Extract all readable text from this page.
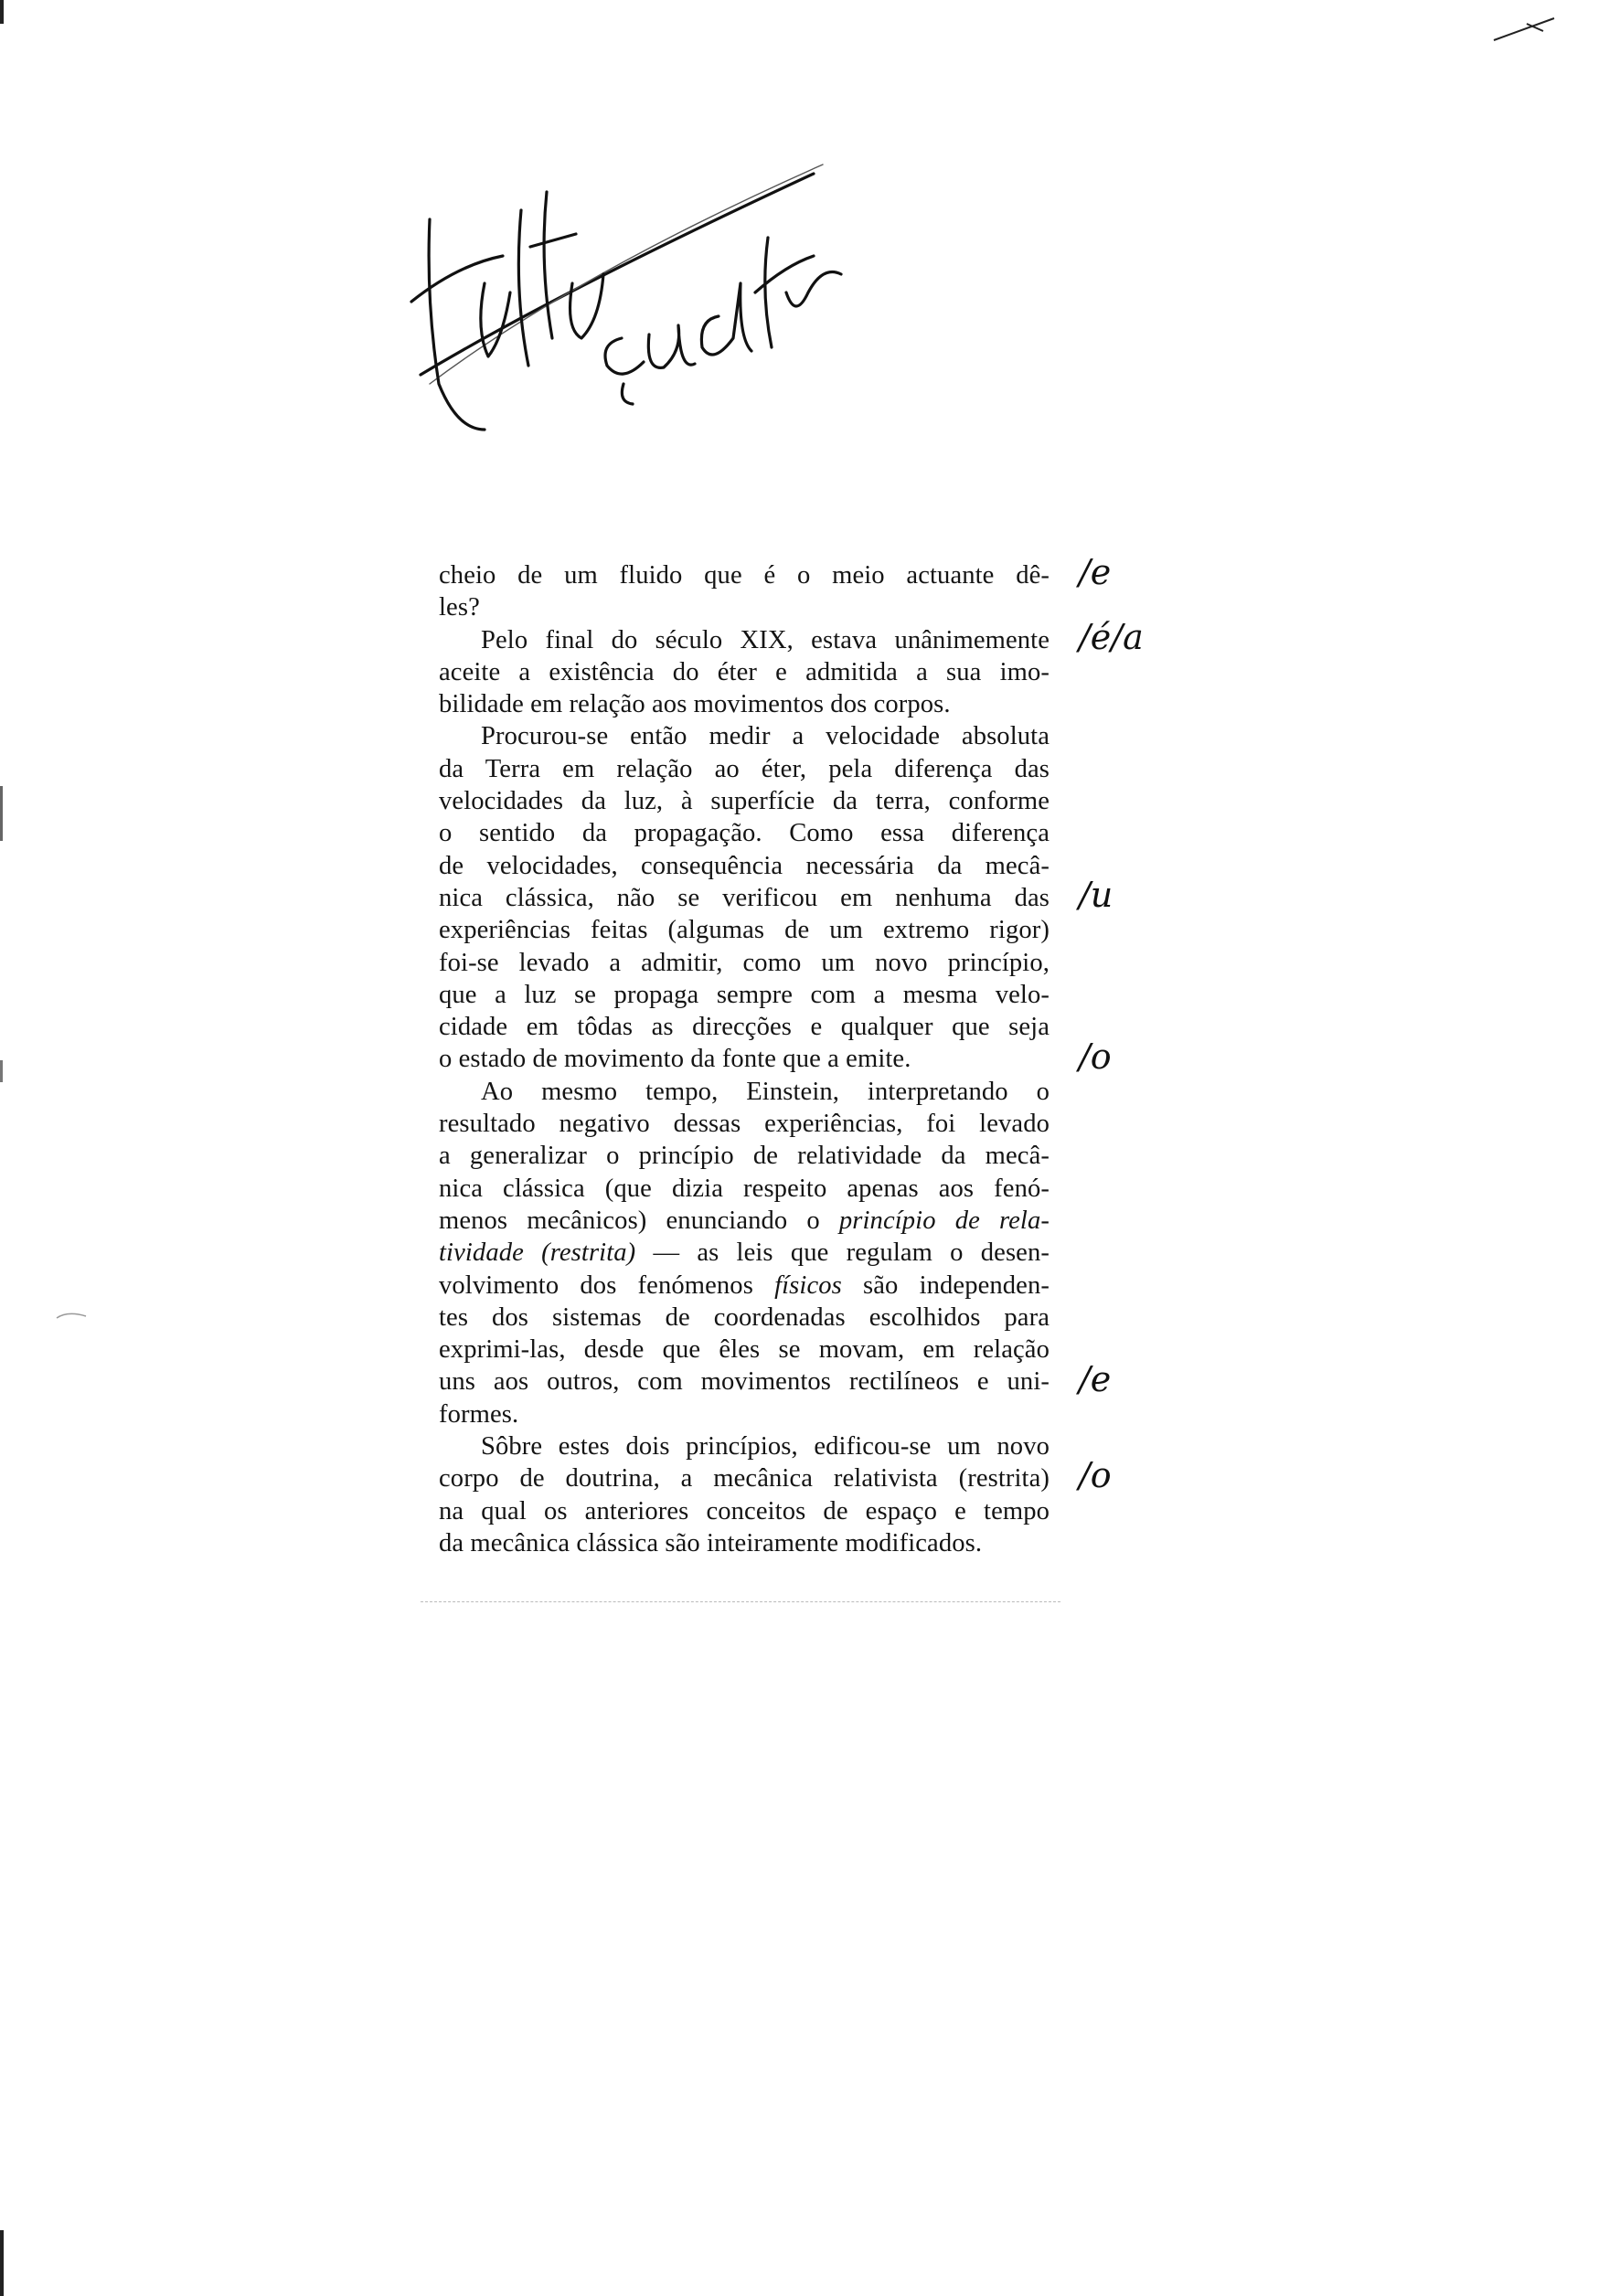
cheio de um fluido que é o meio actuante dê-
les?

Pelo final do século XIX, estava unânimemente
aceite a existência do éter e admitida a sua imo-
bilidade em relação aos movimentos dos corpos.

Procurou-se então medir a velocidade absoluta
da Terra em relação ao éter, pela diferença das
velocidades da luz, à superfície da terra, conforme
o sentido da propagação. Como essa diferença
de velocidades, consequência necessária da mecâ-
nica clássica, não se verificou em nenhuma das
experiências feitas (algumas de um extremo rigor)
foi-se levado a admitir, como um novo princípio,
que a luz se propaga sempre com a mesma velo-
cidade em tôdas as direcções e qualquer que seja
o estado de movimento da fonte que a emite.

Ao mesmo tempo, Einstein, interpretando o
resultado negativo dessas experiências, foi levado
a generalizar o princípio de relatividade da mecâ-
nica clássica (que dizia respeito apenas aos fenó-
menos mecânicos) enunciando o princípio de rela-
tividade (restrita) — as leis que regulam o desen-
volvimento dos fenómenos físicos são independen-
tes dos sistemas de coordenadas escolhidos para
exprimi-las, desde que êles se movam, em relação
uns aos outros, com movimentos rectilíneos e uni-
formes.

Sôbre estes dois princípios, edificou-se um novo
corpo de doutrina, a mecânica relativista (restrita)
na qual os anteriores conceitos de espaço e tempo
da mecânica clássica são inteiramente modificados.

/e
/é/a
/u
/o
/e
/o
